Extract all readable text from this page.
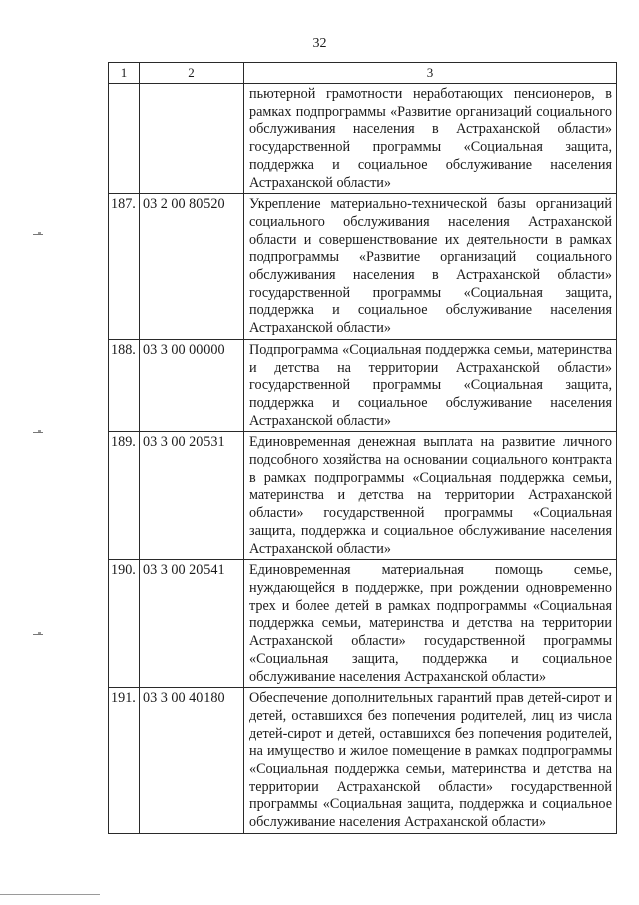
32
1	2	3
		пьютерной грамотности неработающих пенсионеров, в рамках подпрограммы «Развитие организаций социального обслуживания населения в Астраханской области» государственной программы «Социальная защита, поддержка и социальное обслуживание населения Астраханской области»
187.	03 2 00 80520	Укрепление материально-технической базы организаций социального обслуживания населения Астраханской области и совершенствование их деятельности в рамках подпрограммы «Развитие организаций социального обслуживания населения в Астраханской области» государственной программы «Социальная защита, поддержка и социальное обслуживание населения Астраханской области»
188.	03 3 00 00000	Подпрограмма «Социальная поддержка семьи, материнства и детства на территории Астраханской области» государственной программы «Социальная защита, поддержка и социальное обслуживание населения Астраханской области»
189.	03 3 00 20531	Единовременная денежная выплата на развитие личного подсобного хозяйства на основании социального контракта в рамках подпрограммы «Социальная поддержка семьи, материнства и детства на территории Астраханской области» государственной программы «Социальная защита, поддержка и социальное обслуживание населения Астраханской области»
190.	03 3 00 20541	Единовременная материальная помощь семье, нуждающейся в поддержке, при рождении одновременно трех и более детей в рамках подпрограммы «Социальная поддержка семьи, материнства и детства на территории Астраханской области» государственной программы «Социальная защита, поддержка и социальное обслуживание населения Астраханской области»
191.	03 3 00 40180	Обеспечение дополнительных гарантий прав детей-сирот и детей, оставшихся без попечения родителей, лиц из числа детей-сирот и детей, оставшихся без попечения родителей, на имущество и жилое помещение в рамках подпрограммы «Социальная поддержка семьи, материнства и детства на территории Астраханской области» государственной программы «Социальная защита, поддержка и социальное обслуживание населения Астраханской области»
